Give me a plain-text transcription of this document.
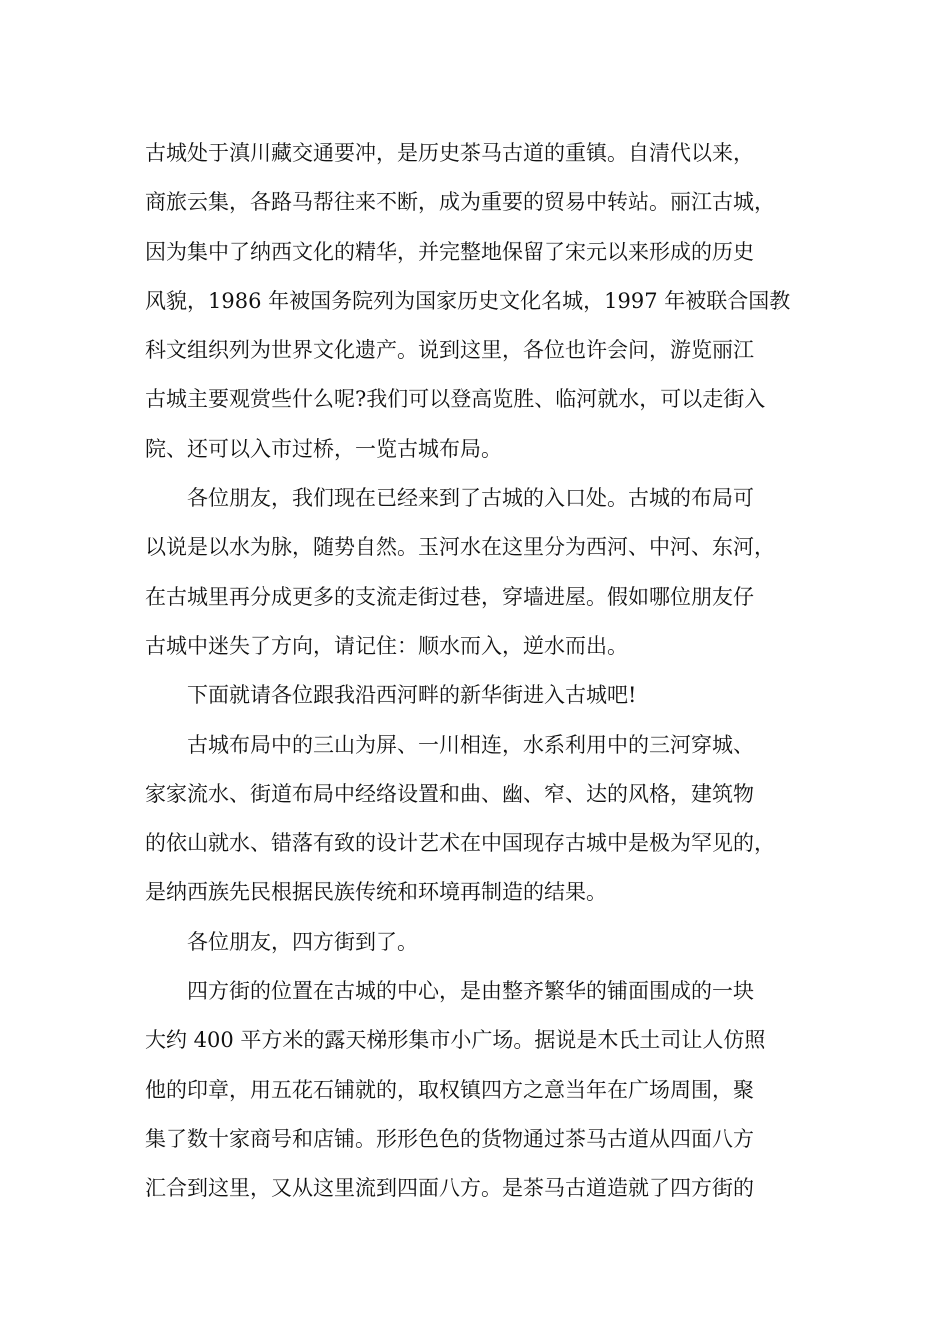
古城处于滇川藏交通要冲，是历史茶马古道的重镇。自清代以来，
商旅云集，各路马帮往来不断，成为重要的贸易中转站。丽江古城，
因为集中了纳西文化的精华，并完整地保留了宋元以来形成的历史
风貌，1986 年被国务院列为国家历史文化名城，1997 年被联合国教
科文组织列为世界文化遗产。说到这里，各位也许会问，游览丽江
古城主要观赏些什么呢?我们可以登高览胜、临河就水，可以走街入
院、还可以入市过桥，一览古城布局。
各位朋友，我们现在已经来到了古城的入口处。古城的布局可
以说是以水为脉，随势自然。玉河水在这里分为西河、中河、东河，
在古城里再分成更多的支流走街过巷，穿墙进屋。假如哪位朋友仔
古城中迷失了方向，请记住：顺水而入，逆水而出。
下面就请各位跟我沿西河畔的新华街进入古城吧!
古城布局中的三山为屏、一川相连，水系利用中的三河穿城、
家家流水、街道布局中经络设置和曲、幽、窄、达的风格，建筑物
的依山就水、错落有致的设计艺术在中国现存古城中是极为罕见的，
是纳西族先民根据民族传统和环境再制造的结果。
各位朋友，四方街到了。
四方街的位置在古城的中心，是由整齐繁华的铺面围成的一块
大约 400 平方米的露天梯形集市小广场。据说是木氏土司让人仿照
他的印章，用五花石铺就的，取权镇四方之意当年在广场周围，聚
集了数十家商号和店铺。形形色色的货物通过茶马古道从四面八方
汇合到这里，又从这里流到四面八方。是茶马古道造就了四方街的
